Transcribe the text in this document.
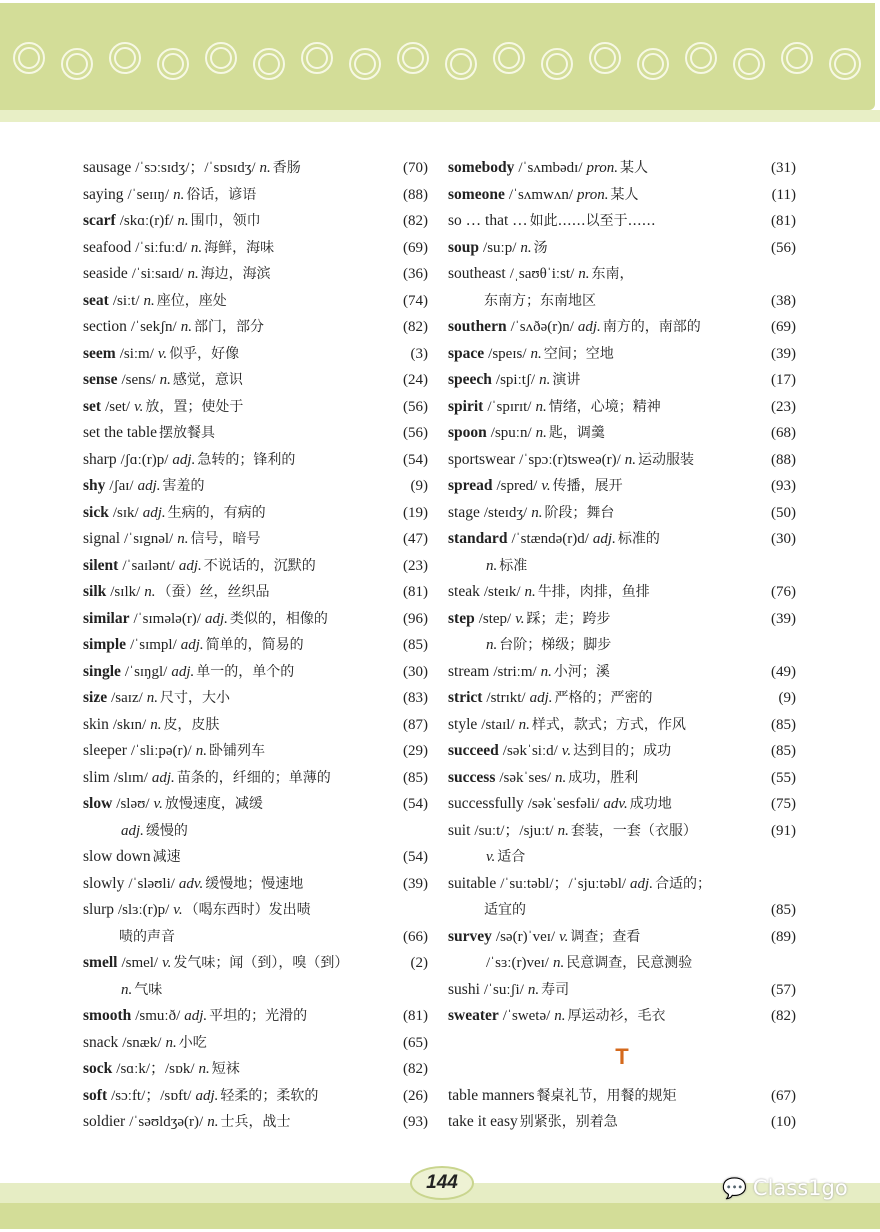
sausage /ˈsɔːsɪdʒ/；/ˈsɒsɪdʒ/ n. 香肠	(70)
saying /ˈseɪɪŋ/ n. 俗话，谚语	(88)
scarf /skɑː(r)f/ n. 围巾，领巾	(82)
seafood /ˈsiːfuːd/ n. 海鲜，海味	(69)
seaside /ˈsiːsaɪd/ n. 海边，海滨	(36)
seat /siːt/ n. 座位，座处	(74)
section /ˈsekʃn/ n. 部门，部分	(82)
seem /siːm/ v. 似乎，好像	(3)
sense /sens/ n. 感觉，意识	(24)
set /set/ v. 放，置；使处于	(56)
set the table 摆放餐具	(56)
sharp /ʃɑː(r)p/ adj. 急转的；锋利的	(54)
shy /ʃaɪ/ adj. 害羞的	(9)
sick /sɪk/ adj. 生病的，有病的	(19)
signal /ˈsɪgnəl/ n. 信号，暗号	(47)
silent /ˈsaɪlənt/ adj. 不说话的，沉默的	(23)
silk /sɪlk/ n. （蚕）丝，丝织品	(81)
similar /ˈsɪmələ(r)/ adj. 类似的，相像的	(96)
simple /ˈsɪmpl/ adj. 简单的，简易的	(85)
single /ˈsɪŋgl/ adj. 单一的，单个的	(30)
size /saɪz/ n. 尺寸，大小	(83)
skin /skɪn/ n. 皮，皮肤	(87)
sleeper /ˈsliːpə(r)/ n. 卧铺列车	(29)
slim /slɪm/ adj. 苗条的，纤细的；单薄的	(85)
slow /sləʊ/ v. 放慢速度，减缓	(54)
adj. 缓慢的
slow down 减速	(54)
slowly /ˈsləʊli/ adv. 缓慢地；慢速地	(39)
slurp /slɜː(r)p/ v. （喝东西时）发出啧
啧的声音	(66)
smell /smel/ v. 发气味；闻（到），嗅（到）	(2)
n. 气味
smooth /smuːð/ adj. 平坦的；光滑的	(81)
snack /snæk/ n. 小吃	(65)
sock /sɑːk/；/sɒk/ n. 短袜	(82)
soft /sɔːft/；/sɒft/ adj. 轻柔的；柔软的	(26)
soldier /ˈsəʊldʒə(r)/ n. 士兵，战士	(93)
somebody /ˈsʌmbədɪ/ pron. 某人	(31)
someone /ˈsʌmwʌn/ pron. 某人	(11)
so … that … 如此……以至于……	(81)
soup /suːp/ n. 汤	(56)
southeast /ˌsaʊθˈiːst/ n. 东南，
东南方；东南地区	(38)
southern /ˈsʌðə(r)n/ adj. 南方的，南部的	(69)
space /speɪs/ n. 空间；空地	(39)
speech /spiːtʃ/ n. 演讲	(17)
spirit /ˈspɪrɪt/ n. 情绪，心境；精神	(23)
spoon /spuːn/ n. 匙，调羹	(68)
sportswear /ˈspɔː(r)tsweə(r)/ n. 运动服装	(88)
spread /spred/ v. 传播，展开	(93)
stage /steɪdʒ/ n. 阶段；舞台	(50)
standard /ˈstændə(r)d/ adj. 标准的	(30)
n. 标准
steak /steɪk/ n. 牛排，肉排，鱼排	(76)
step /step/ v. 踩；走；跨步	(39)
n. 台阶；梯级；脚步
stream /striːm/ n. 小河；溪	(49)
strict /strɪkt/ adj. 严格的；严密的	(9)
style /staɪl/ n. 样式，款式；方式，作风	(85)
succeed /səkˈsiːd/ v. 达到目的；成功	(85)
success /səkˈses/ n. 成功，胜利	(55)
successfully /səkˈsesfəli/ adv. 成功地	(75)
suit /suːt/；/sjuːt/ n. 套装，一套（衣服）	(91)
v. 适合
suitable /ˈsuːtəbl/；/ˈsjuːtəbl/ adj. 合适的；
适宜的	(85)
survey /sə(r)ˈveɪ/ v. 调查；查看	(89)
/ˈsɜː(r)veɪ/ n. 民意调查，民意测验
sushi /ˈsuːʃi/ n. 寿司	(57)
sweater /ˈswetə/ n. 厚运动衫，毛衣	(82)
T
table manners 餐桌礼节，用餐的规矩	(67)
take it easy 别紧张，别着急	(10)
144	💬 Class1go
